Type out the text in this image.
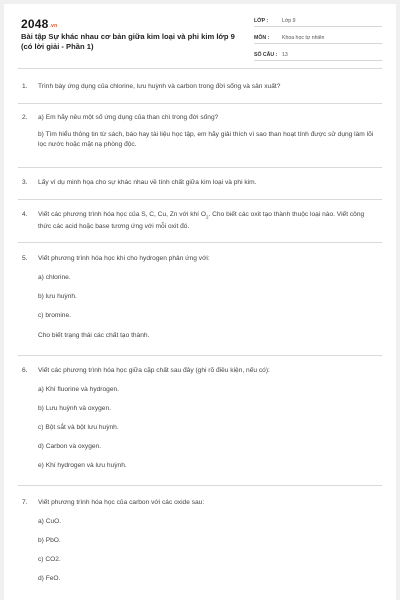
$2048_{.vn}$
Bài tập Sự khác nhau cơ bản giữa kim loại và phi kim lớp 9 (có lời giải - Phần 1)
LỚP :	Lớp 9
MÔN :	Khoa học tự nhiên
SỐ CÂU : 13
1. Trình bày ứng dụng của chlorine, lưu huỳnh và carbon trong đời sống và sản xuất?
2. a) Em hãy nêu một số ứng dụng của than chì trong đời sống?
b) Tìm hiểu thông tin từ sách, báo hay tài liệu học tập, em hãy giải thích vì sao than hoạt tính được sử dụng làm lõi lọc nước hoặc mặt nạ phòng độc.
3. Lấy ví dụ minh họa cho sự khác nhau về tính chất giữa kim loại và phi kim.
4. Viết các phương trình hóa học của S, C, Cu, Zn với khí $O_2$. Cho biết các oxit tạo thành thuộc loại nào. Viết công thức các acid hoặc base tương ứng với mỗi oxit đó.
5. Viết phương trình hóa học khi cho hydrogen phản ứng với:
a) chlorine.
b) lưu huỳnh.
c) bromine.
Cho biết trạng thái các chất tạo thành.
6. Viết các phương trình hóa học giữa cặp chất sau đây (ghi rõ điều kiện, nếu có):
a) Khí fluorine và hydrogen.
b) Lưu huỳnh và oxygen.
c) Bột sắt và bột lưu huỳnh.
d) Carbon và oxygen.
e) Khí hydrogen và lưu huỳnh.
7. Viết phương trình hóa học của carbon với các oxide sau:
a) CuO.
b) PbO.
c) CO2.
d) FeO.
